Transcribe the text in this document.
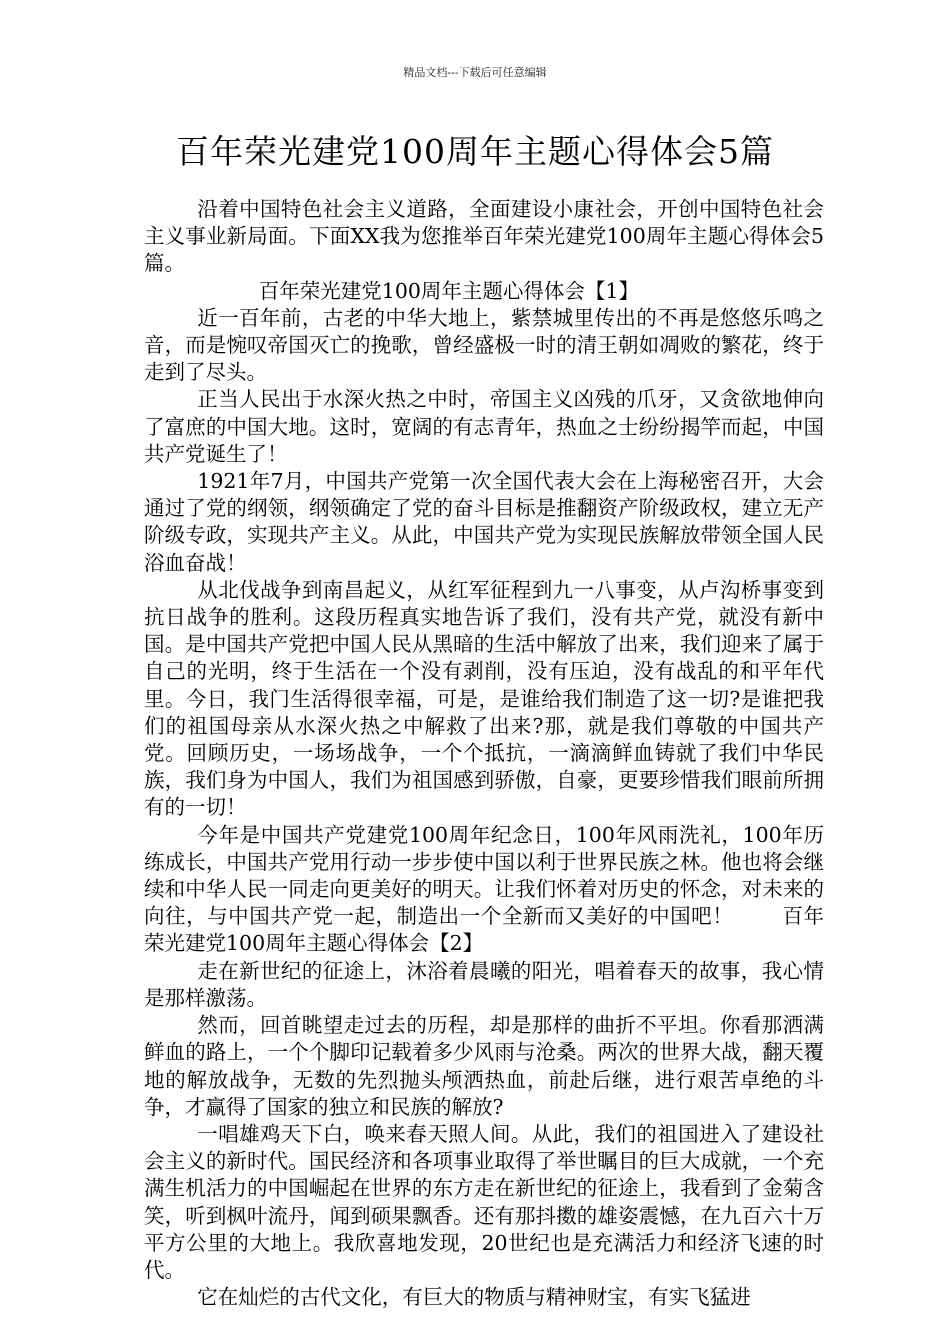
精品文档---下载后可任意编辑
百年荣光建党100周年主题心得体会5篇

沿着中国特色社会主义道路，全面建设小康社会，开创中国特色社会主义事业新局面。下面XX我为您推举百年荣光建党100周年主题心得体会5篇。

百年荣光建党100周年主题心得体会【1】

近一百年前，古老的中华大地上，紫禁城里传出的不再是悠悠乐鸣之音，而是惋叹帝国灭亡的挽歌，曾经盛极一时的清王朝如凋败的繁花，终于走到了尽头。

正当人民出于水深火热之中时，帝国主义凶残的爪牙，又贪欲地伸向了富庶的中国大地。这时，宽阔的有志青年，热血之士纷纷揭竿而起，中国共产党诞生了！

1921年7月，中国共产党第一次全国代表大会在上海秘密召开，大会通过了党的纲领，纲领确定了党的奋斗目标是推翻资产阶级政权，建立无产阶级专政，实现共产主义。从此，中国共产党为实现民族解放带领全国人民浴血奋战！

从北伐战争到南昌起义，从红军征程到九一八事变，从卢沟桥事变到抗日战争的胜利。这段历程真实地告诉了我们，没有共产党，就没有新中国。是中国共产党把中国人民从黑暗的生活中解放了出来，我们迎来了属于自己的光明，终于生活在一个没有剥削，没有压迫，没有战乱的和平年代里。今日，我门生活得很幸福，可是，是谁给我们制造了这一切?是谁把我们的祖国母亲从水深火热之中解救了出来?那，就是我们尊敬的中国共产党。回顾历史，一场场战争，一个个抵抗，一滴滴鲜血铸就了我们中华民族，我们身为中国人，我们为祖国感到骄傲，自豪，更要珍惜我们眼前所拥有的一切！

今年是中国共产党建党100周年纪念日，100年风雨洗礼，100年历练成长，中国共产党用行动一步步使中国以利于世界民族之林。他也将会继续和中华人民一同走向更美好的明天。让我们怀着对历史的怀念，对未来的向往，与中国共产党一起，制造出一个全新而又美好的中国吧！ 百年荣光建党100周年主题心得体会【2】

走在新世纪的征途上，沐浴着晨曦的阳光，唱着春天的故事，我心情是那样激荡。

然而，回首眺望走过去的历程，却是那样的曲折不平坦。你看那洒满鲜血的路上，一个个脚印记载着多少风雨与沧桑。两次的世界大战，翻天覆地的解放战争，无数的先烈抛头颅洒热血，前赴后继，进行艰苦卓绝的斗争，才赢得了国家的独立和民族的解放?

一唱雄鸡天下白，唤来春天照人间。从此，我们的祖国进入了建设社会主义的新时代。国民经济和各项事业取得了举世瞩目的巨大成就，一个充满生机活力的中国崛起在世界的东方走在新世纪的征途上，我看到了金菊含笑，听到枫叶流丹，闻到硕果飘香。还有那抖擞的雄姿震憾，在九百六十万平方公里的大地上。我欣喜地发现，20世纪也是充满活力和经济飞速的时代。

它在灿烂的古代文化，有巨大的物质与精神财宝，有实飞猛进
